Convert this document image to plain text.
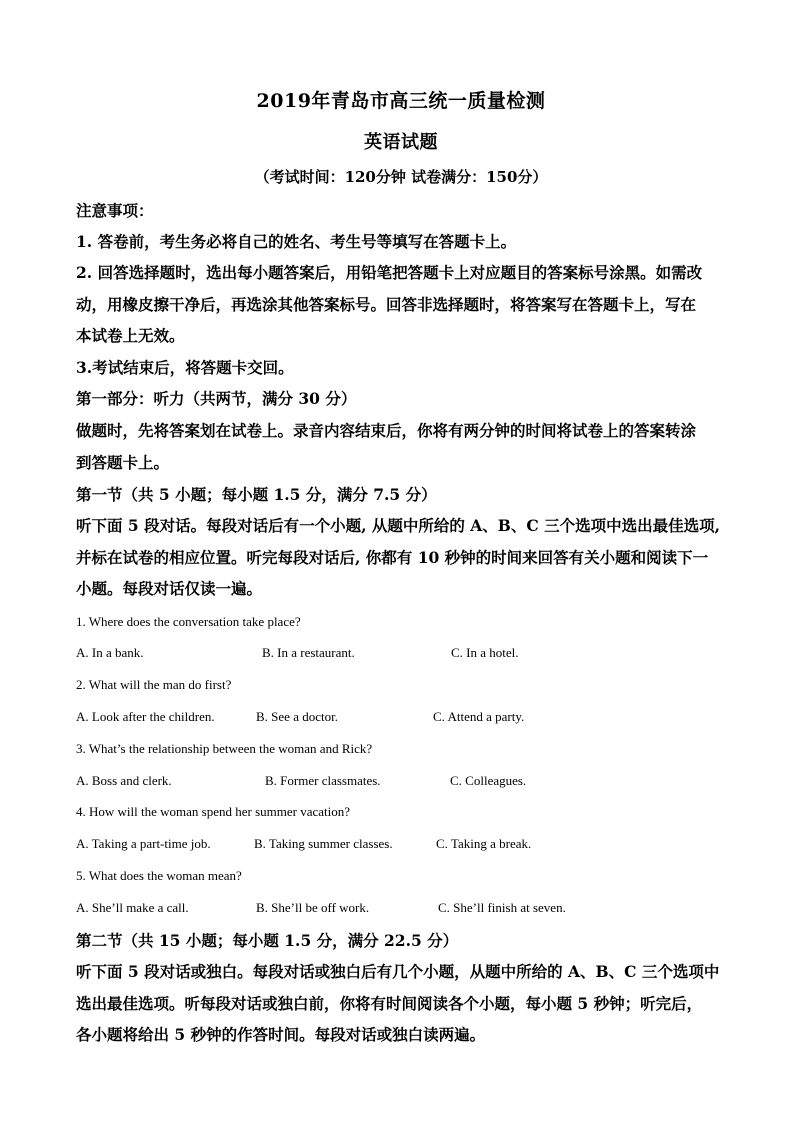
2019年青岛市高三统一质量检测
英语试题
（考试时间：120分钟 试卷满分：150分）
注意事项：
1. 答卷前，考生务必将自己的姓名、考生号等填写在答题卡上。
2. 回答选择题时，选出每小题答案后，用铅笔把答题卡上对应题目的答案标号涂黑。如需改
动，用橡皮擦干净后，再选涂其他答案标号。回答非选择题时，将答案写在答题卡上，写在
本试卷上无效。
3.考试结束后，将答题卡交回。
第一部分：听力（共两节，满分 30 分）
做题时，先将答案划在试卷上。录音内容结束后，你将有两分钟的时间将试卷上的答案转涂
到答题卡上。
第一节（共 5 小题；每小题 1.5 分，满分 7.5 分）
听下面 5 段对话。每段对话后有一个小题, 从题中所给的 A、B、C 三个选项中选出最佳选项,
并标在试卷的相应位置。听完每段对话后, 你都有 10 秒钟的时间来回答有关小题和阅读下一
小题。每段对话仅读一遍。
1. Where does the conversation take place?
A. In a bank.	B. In a restaurant.	C. In a hotel.
2. What will the man do first?
A. Look after the children.	B. See a doctor.	C. Attend a party.
3. What’s the relationship between the woman and Rick?
A. Boss and clerk.	B. Former classmates.	C. Colleagues.
4. How will the woman spend her summer vacation?
A. Taking a part-time job.	B. Taking summer classes.	C. Taking a break.
5. What does the woman mean?
A. She’ll make a call.	B. She’ll be off work.	C. She’ll finish at seven.
第二节（共 15 小题；每小题 1.5 分，满分 22.5 分）
听下面 5 段对话或独白。每段对话或独白后有几个小题，从题中所给的 A、B、C 三个选项中
选出最佳选项。听每段对话或独白前，你将有时间阅读各个小题，每小题 5 秒钟；听完后，
各小题将给出 5 秒钟的作答时间。每段对话或独白读两遍。
